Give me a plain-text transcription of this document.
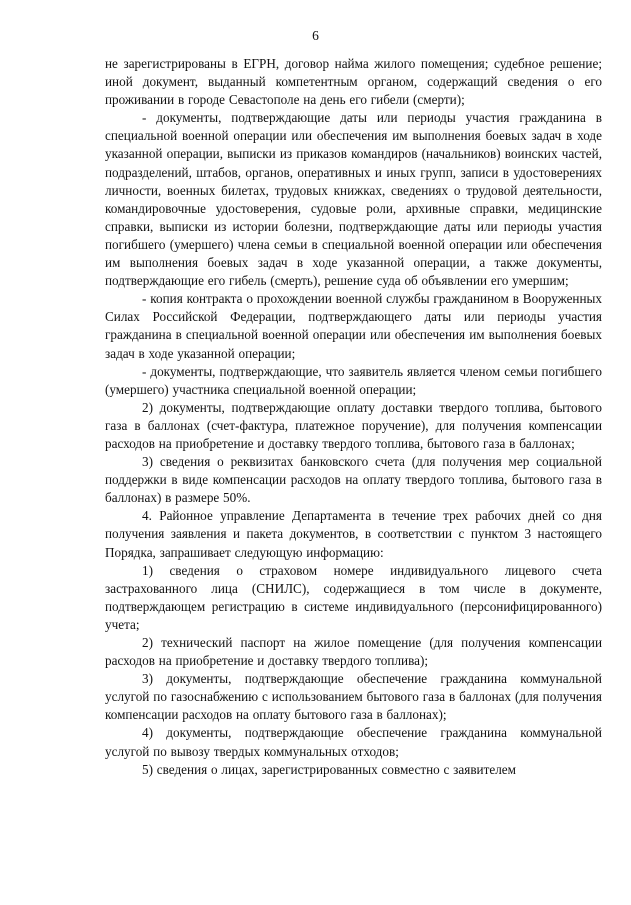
6

не зарегистрированы в ЕГРН, договор найма жилого помещения; судебное решение; иной документ, выданный компетентным органом, содержащий сведения о его проживании в городе Севастополе на день его гибели (смерти);

- документы, подтверждающие даты или периоды участия гражданина в специальной военной операции или обеспечения им выполнения боевых задач в ходе указанной операции, выписки из приказов командиров (начальников) воинских частей, подразделений, штабов, органов, оперативных и иных групп, записи в удостоверениях личности, военных билетах, трудовых книжках, сведениях о трудовой деятельности, командировочные удостоверения, судовые роли, архивные справки, медицинские справки, выписки из истории болезни, подтверждающие даты или периоды участия погибшего (умершего) члена семьи в специальной военной операции или обеспечения им выполнения боевых задач в ходе указанной операции, а также документы, подтверждающие его гибель (смерть), решение суда об объявлении его умершим;

- копия контракта о прохождении военной службы гражданином в Вооруженных Силах Российской Федерации, подтверждающего даты или периоды участия гражданина в специальной военной операции или обеспечения им выполнения боевых задач в ходе указанной операции;

- документы, подтверждающие, что заявитель является членом семьи погибшего (умершего) участника специальной военной операции;

2) документы, подтверждающие оплату доставки твердого топлива, бытового газа в баллонах (счет-фактура, платежное поручение), для получения компенсации расходов на приобретение и доставку твердого топлива, бытового газа в баллонах;

3) сведения о реквизитах банковского счета (для получения мер социальной поддержки в виде компенсации расходов на оплату твердого топлива, бытового газа в баллонах) в размере 50%.

4. Районное управление Департамента в течение трех рабочих дней со дня получения заявления и пакета документов, в соответствии с пунктом 3 настоящего Порядка, запрашивает следующую информацию:

1) сведения о страховом номере индивидуального лицевого счета застрахованного лица (СНИЛС), содержащиеся в том числе в документе, подтверждающем регистрацию в системе индивидуального (персонифицированного) учета;

2) технический паспорт на жилое помещение (для получения компенсации расходов на приобретение и доставку твердого топлива);

3) документы, подтверждающие обеспечение гражданина коммунальной услугой по газоснабжению с использованием бытового газа в баллонах (для получения компенсации расходов на оплату бытового газа в баллонах);

4) документы, подтверждающие обеспечение гражданина коммунальной услугой по вывозу твердых коммунальных отходов;

5) сведения о лицах, зарегистрированных совместно с заявителем
